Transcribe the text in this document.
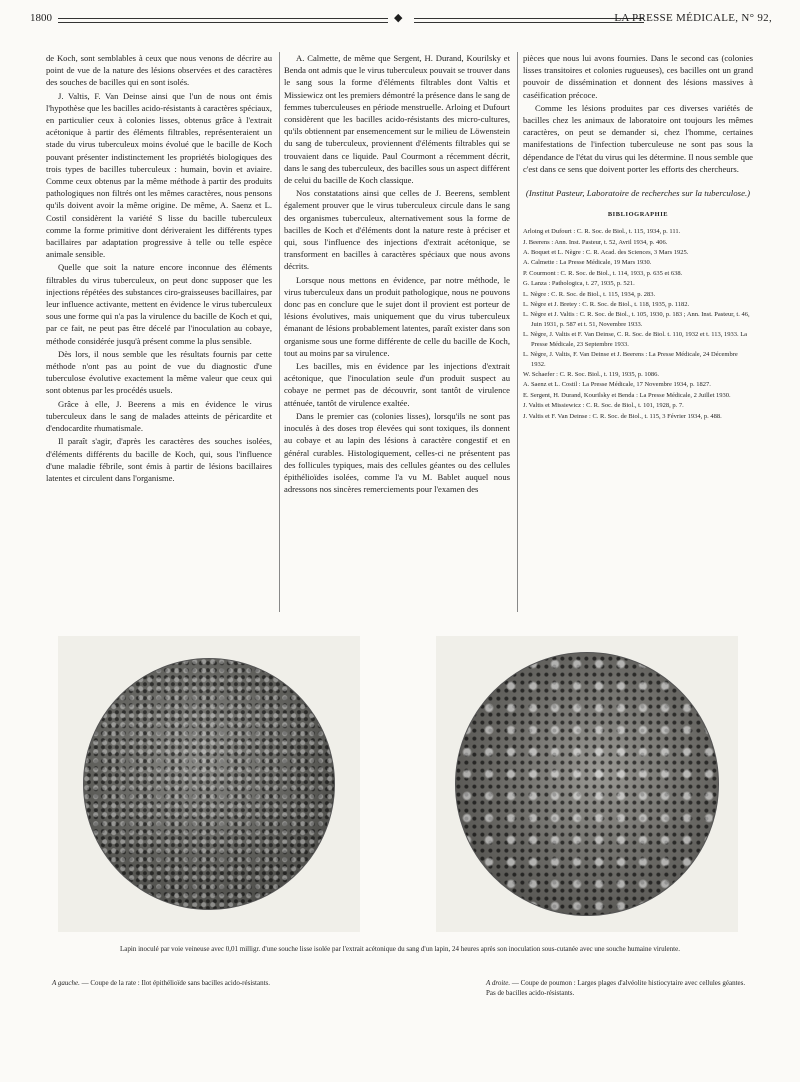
1800	◆	LA PRESSE MÉDICALE, N° 92,

de Koch, sont semblables à ceux que nous venons de décrire au point de vue de la nature des lésions observées et des caractères des souches de bacilles qui en sont isolés.

J. Valtis, F. Van Deinse ainsi que l'un de nous ont émis l'hypothèse que les bacilles acido-résistants à caractères spéciaux, en particulier ceux à colonies lisses, obtenus grâce à l'extrait acétonique à partir des éléments filtrables, représenteraient un stade du virus tuberculeux moins évolué que le bacille de Koch pouvant présenter indistinctement les propriétés biologiques des trois types de bacilles tuberculeux : humain, bovin et aviaire. Comme ceux obtenus par la même méthode à partir des produits pathologiques non filtrés ont les mêmes caractères, nous pensons qu'ils doivent avoir la même origine. De même, A. Saenz et L. Costil considèrent la variété S lisse du bacille tuberculeux comme la forme primitive dont dériveraient les différents types bacillaires par adaptation progressive à telle ou telle espèce animale sensible.

Quelle que soit la nature encore inconnue des éléments filtrables du virus tuberculeux, on peut donc supposer que les injections répétées des substances ciro-graisseuses bacillaires, par leur influence activante, mettent en évidence le virus tuberculeux sous une forme qui n'a pas la virulence du bacille de Koch et qui, par ce fait, ne peut pas être décelé par l'inoculation au cobaye, méthode considérée jusqu'à présent comme la plus sensible.

Dès lors, il nous semble que les résultats fournis par cette méthode n'ont pas au point de vue du diagnostic d'une tuberculose évolutive exactement la même valeur que ceux qui sont obtenus par les procédés usuels.

Grâce à elle, J. Beerens a mis en évidence le virus tuberculeux dans le sang de malades atteints de péricardite et d'endocardite rhumatismale.

Il paraît s'agir, d'après les caractères des souches isolées, d'éléments différents du bacille de Koch, qui, sous l'influence d'une maladie fébrile, sont émis à partir de lésions bacillaires latentes et circulent dans l'organisme.

A. Calmette, de même que Sergent, H. Durand, Kourilsky et Benda ont admis que le virus tuberculeux pouvait se trouver dans le sang sous la forme d'éléments filtrables dont Valtis et Missiewicz ont les premiers démontré la présence dans le sang de femmes tuberculeuses en période menstruelle. Arloing et Dufourt considèrent que les bacilles acido-résistants des micro-cultures, qu'ils obtiennent par ensemencement sur le milieu de Löwenstein du sang de tuberculeux, proviennent d'éléments filtrables qui se trouvaient dans ce liquide. Paul Courmont a récemment décrit, dans le sang des tuberculeux, des bacilles sous un aspect différent de celui du bacille de Koch classique.

Nos constatations ainsi que celles de J. Beerens, semblent également prouver que le virus tuberculeux circule dans le sang des organismes tuberculeux, alternativement sous la forme de bacilles de Koch et d'éléments dont la nature reste à préciser et qui, sous l'influence des injections d'extrait acétonique, se transforment en bacilles à caractères spéciaux que nous avons décrits.

Lorsque nous mettons en évidence, par notre méthode, le virus tuberculeux dans un produit pathologique, nous ne pouvons donc pas en conclure que le sujet dont il provient est porteur de lésions évolutives, mais uniquement que du virus tuberculeux émanant de lésions probablement latentes, paraît exister dans son organisme sous une forme différente de celle du bacille de Koch, tout au moins par sa virulence.

Les bacilles, mis en évidence par les injections d'extrait acétonique, que l'inoculation seule d'un produit suspect au cobaye ne permet pas de découvrir, sont tantôt de virulence atténuée, tantôt de virulence exaltée.

Dans le premier cas (colonies lisses), lorsqu'ils ne sont pas inoculés à des doses trop élevées qui sont toxiques, ils donnent au cobaye et au lapin des lésions à caractère congestif et en général curables. Histologiquement, celles-ci ne présentent pas des follicules typiques, mais des cellules géantes ou des cellules épithélioïdes isolées, comme l'a vu M. Bablet auquel nous adressons nos sincères remerciements pour l'examen des

pièces que nous lui avons fournies. Dans le second cas (colonies lisses transitoires et colonies rugueuses), ces bacilles ont un grand pouvoir de dissémination et donnent des lésions massives à caséification précoce.

Comme les lésions produites par ces diverses variétés de bacilles chez les animaux de laboratoire ont toujours les mêmes caractères, on peut se demander si, chez l'homme, certaines manifestations de l'infection tuberculeuse ne sont pas sous la dépendance de l'état du virus qui les détermine. Il nous semble que c'est dans ce sens que doivent porter les efforts des chercheurs.

(Institut Pasteur, Laboratoire de recherches sur la tuberculose.)
BIBLIOGRAPHIE
Arloing et Dufourt : C. R. Soc. de Biol., t. 115, 1934, p. 111.
J. Beerens : Ann. Inst. Pasteur, t. 52, Avril 1934, p. 406.
A. Boquet et L. Nègre : C. R. Acad. des Sciences, 3 Mars 1925.
A. Calmette : La Presse Médicale, 19 Mars 1930.
P. Courmont : C. R. Soc. de Biol., t. 114, 1933, p. 635 et 638.
G. Lanza : Pathologica, t. 27, 1935, p. 521.
L. Nègre : C. R. Soc. de Biol., t. 115, 1934, p. 283.
L. Nègre et J. Bretey : C. R. Soc. de Biol., t. 118, 1935, p. 1182.
L. Nègre et J. Valtis : C. R. Soc. de Biol., t. 105, 1930, p. 183 ; Ann. Inst. Pasteur, t. 46, Juin 1931, p. 587 et t. 51, Novembre 1933.
L. Nègre, J. Valtis et F. Van Deinse, C. R. Soc. de Biol. t. 110, 1932 et t. 113, 1933. La Presse Médicale, 23 Septembre 1933.
L. Nègre, J. Valtis, F. Van Deinse et J. Beerens : La Presse Médicale, 24 Décembre 1932.
W. Schaefer : C. R. Soc. Biol., t. 119, 1935, p. 1086.
A. Saenz et L. Costil : La Presse Médicale, 17 Novembre 1934, p. 1827.
E. Sergent, H. Durand, Kourilsky et Benda : La Presse Médicale, 2 Juillet 1930.
J. Valtis et Missiewicz : C. R. Soc. de Biol., t. 101, 1928, p. 7.
J. Valtis et F. Van Deinse : C. R. Soc. de Biol., t. 115, 3 Février 1934, p. 488.
Lapin inoculé par voie veineuse avec 0,01 milligr. d'une souche lisse isolée par l'extrait acétonique du sang d'un lapin, 24 heures après son inoculation sous-cutanée avec une souche humaine virulente.
A gauche. — Coupe de la rate : Ilot épithélioïde sans bacilles acido-résistants.	A droite. — Coupe de poumon : Larges plages d'alvéolite histiocytaire avec cellules géantes. Pas de bacilles acido-résistants.
